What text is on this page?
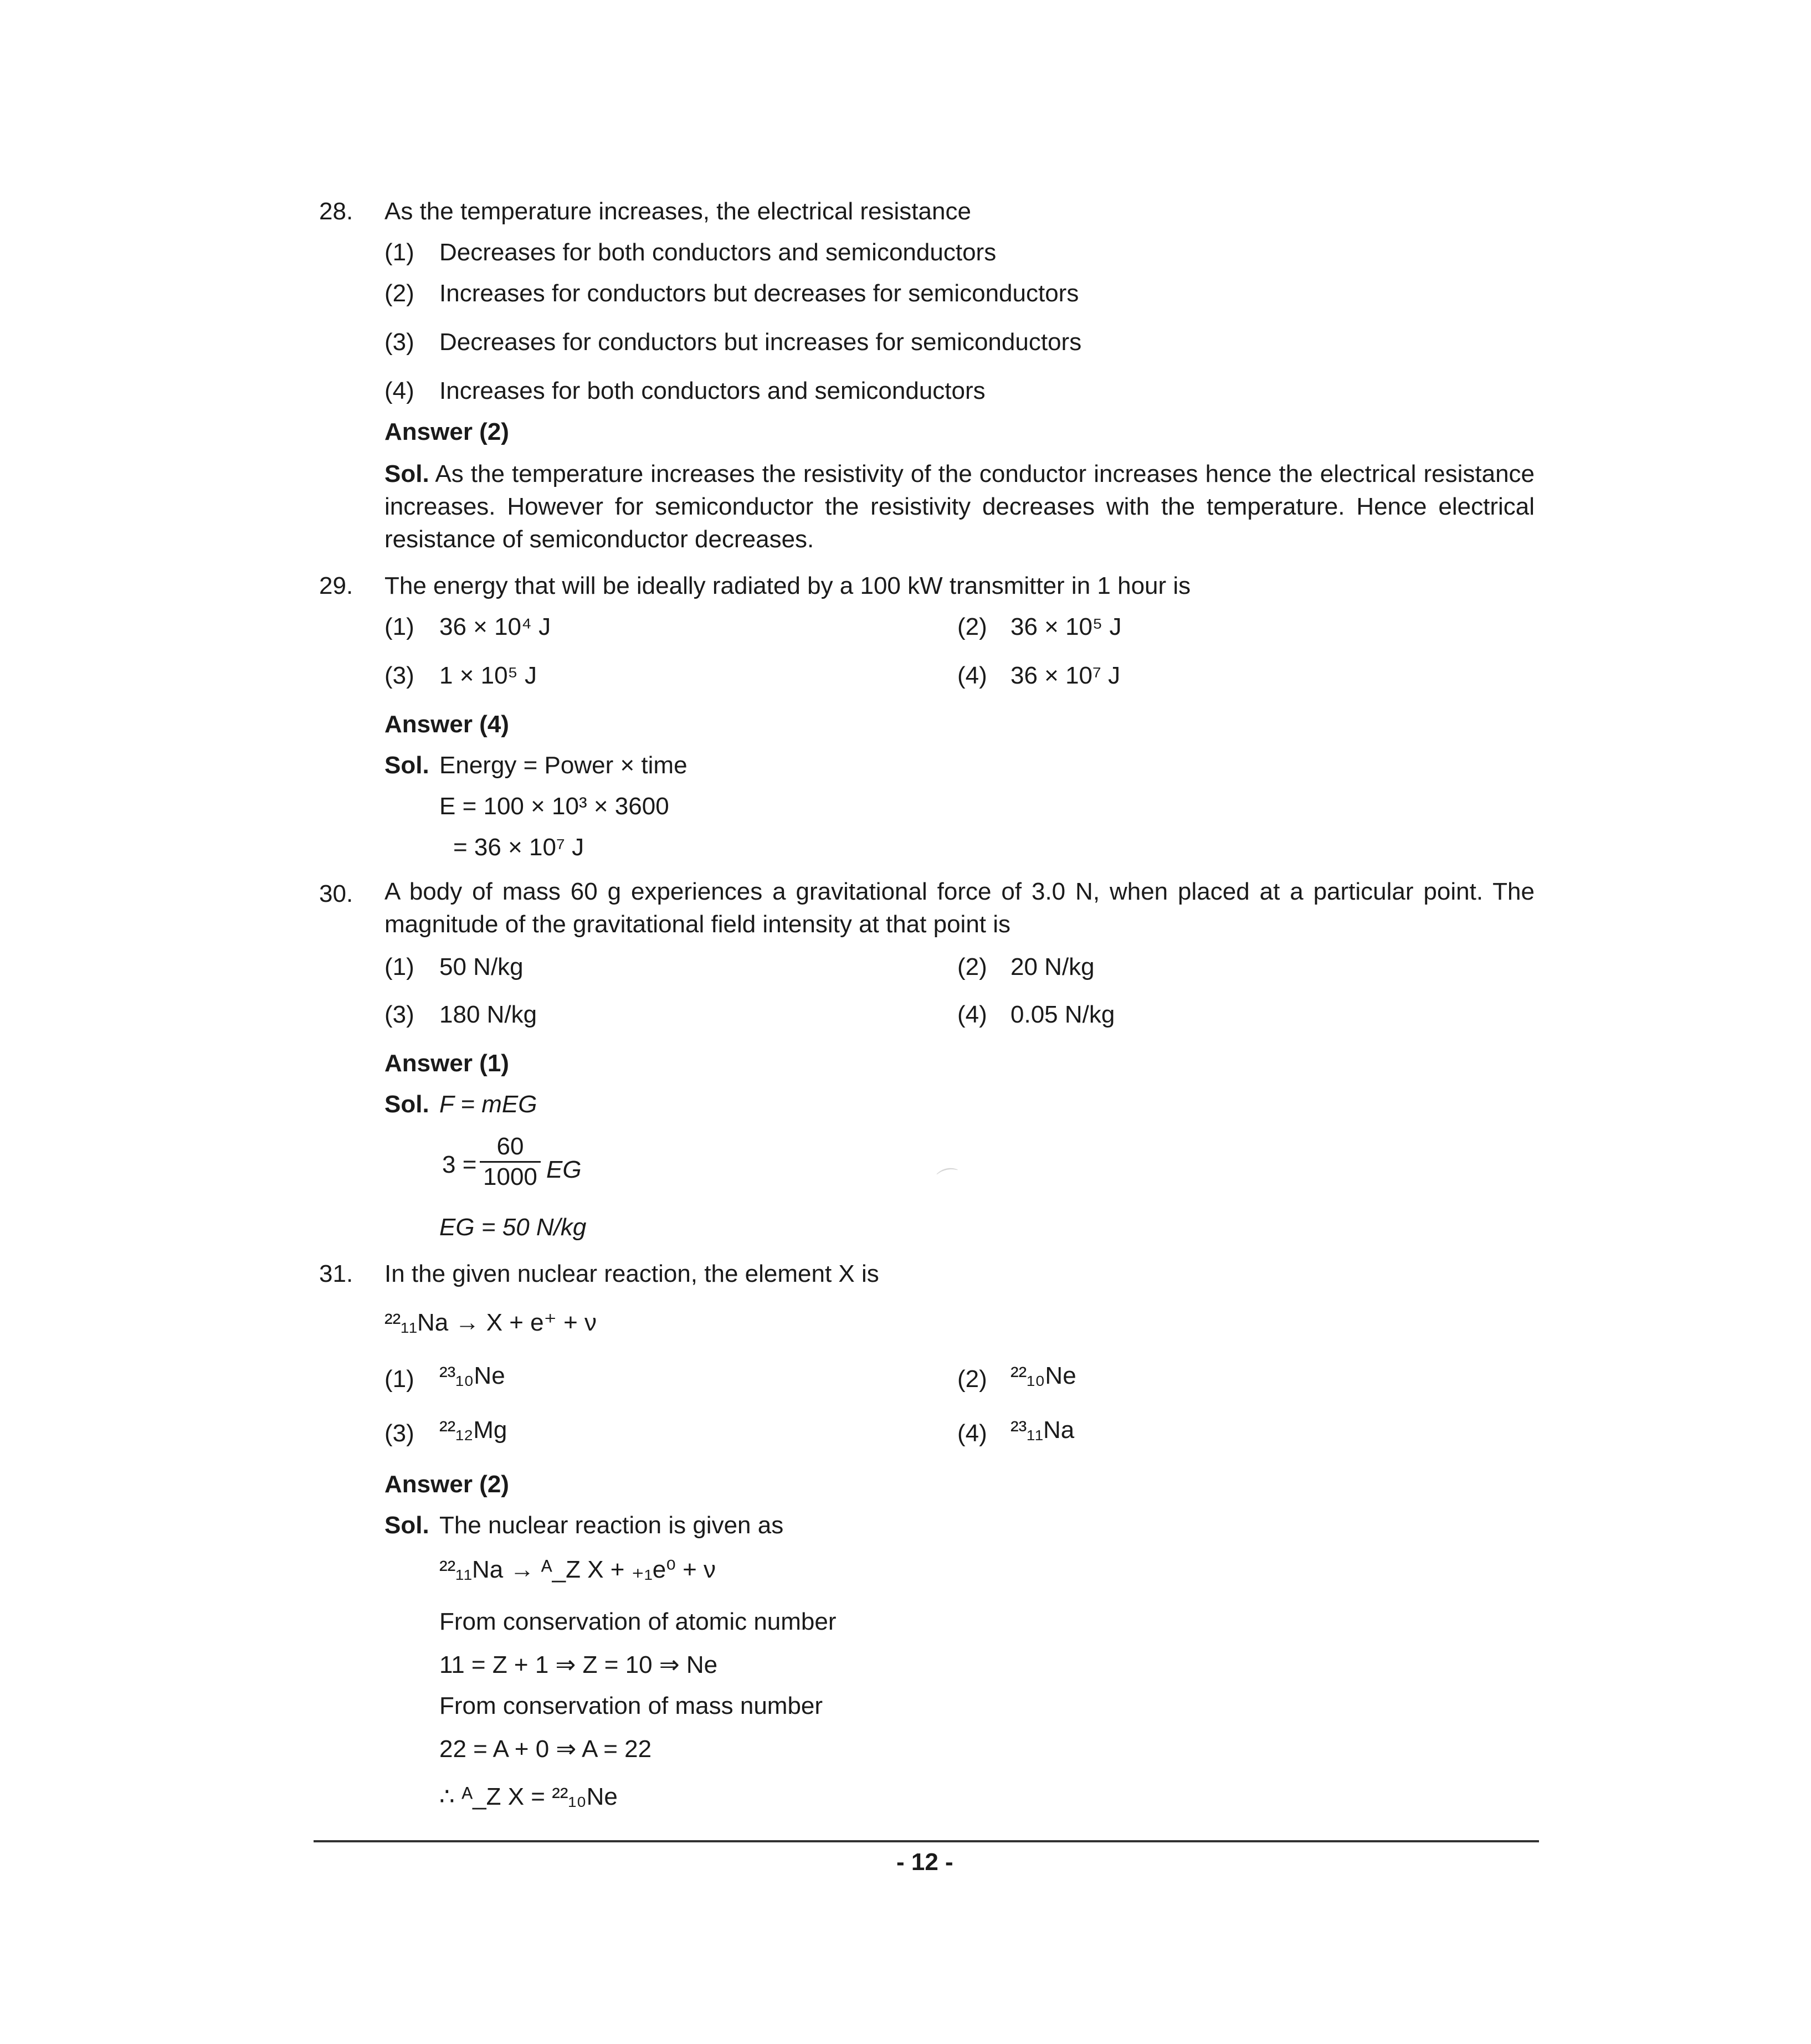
28. As the temperature increases, the electrical resistance
(1) Decreases for both conductors and semiconductors
(2) Increases for conductors but decreases for semiconductors
(3) Decreases for conductors but increases for semiconductors
(4) Increases for both conductors and semiconductors
Answer (2)
Sol. As the temperature increases the resistivity of the conductor increases hence the electrical resistance increases. However for semiconductor the resistivity decreases with the temperature. Hence electrical resistance of semiconductor decreases.
29. The energy that will be ideally radiated by a 100 kW transmitter in 1 hour is
(1) 36 × 10⁴ J	(2) 36 × 10⁵ J
(3) 1 × 10⁵ J	(4) 36 × 10⁷ J
Answer (4)
Sol. Energy = Power × time
E = 100 × 10³ × 3600
= 36 × 10⁷ J
30. A body of mass 60 g experiences a gravitational force of 3.0 N, when placed at a particular point. The magnitude of the gravitational field intensity at that point is
(1) 50 N/kg	(2) 20 N/kg
(3) 180 N/kg	(4) 0.05 N/kg
Answer (1)
Sol. F = mEG
3 =
60
1000 EG
EG = 50 N/kg
⌒
31. In the given nuclear reaction, the element X is
²²₁₁Na → X + e⁺ + ν
(1) ²³₁₀Ne	(2) ²²₁₀Ne
(3) ²²₁₂Mg	(4) ²³₁₁Na
Answer (2)
Sol. The nuclear reaction is given as
²²₁₁Na → ᴬ_Z X + ₊₁e⁰ + ν
From conservation of atomic number
11 = Z + 1 ⇒ Z = 10 ⇒ Ne
From conservation of mass number
22 = A + 0 ⇒ A = 22
∴ ᴬ_Z X = ²²₁₀Ne
- 12 -
